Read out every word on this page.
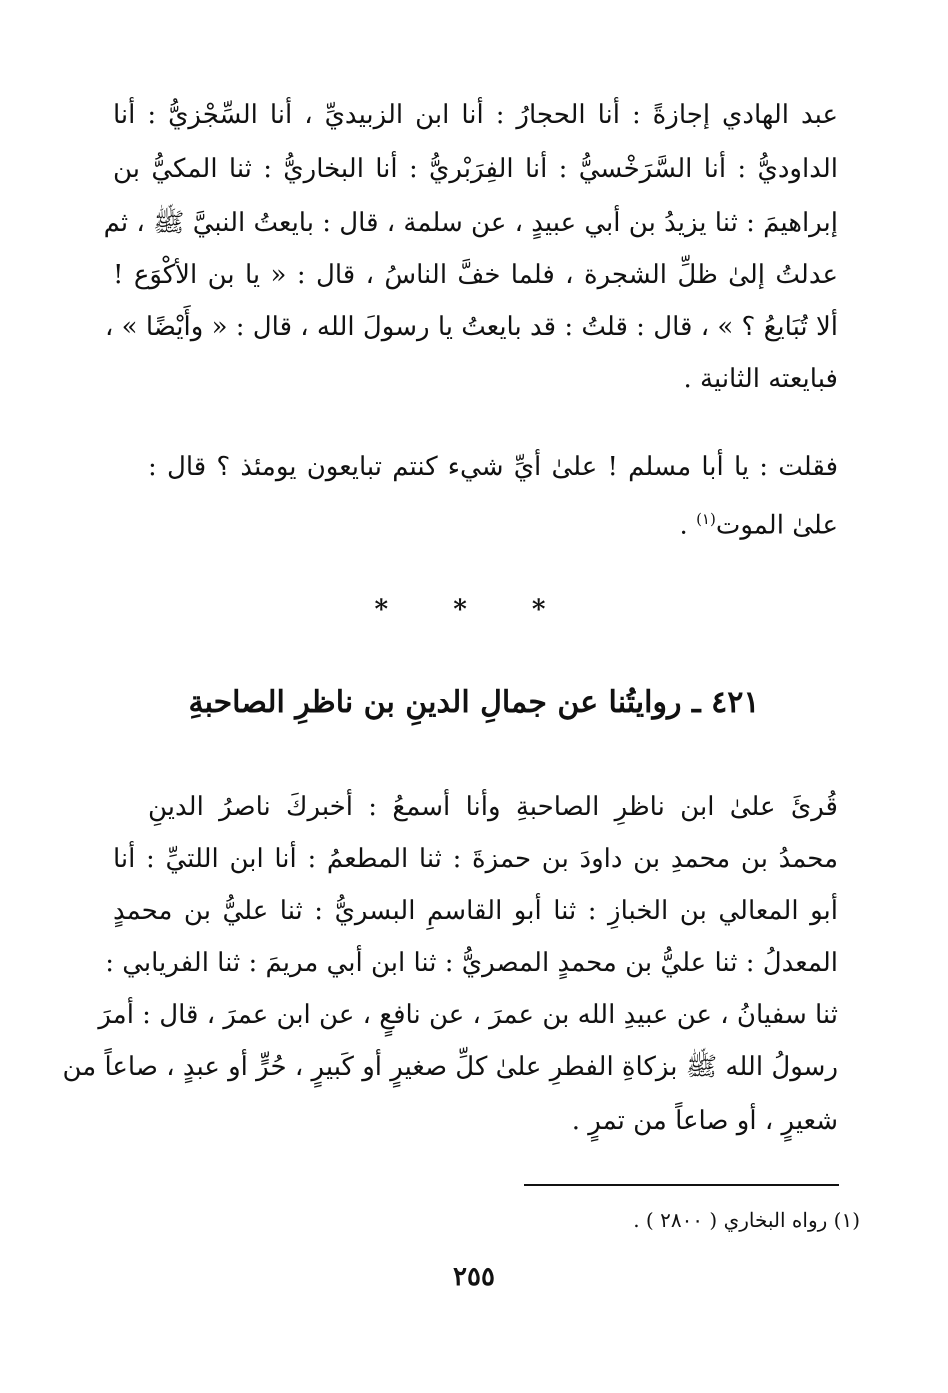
عبد الهادي إجازةً : أنا الحجارُ : أنا ابن الزبيديِّ ، أنا السِّجْزيُّ : أنا
الداوديُّ : أنا السَّرَخْسيُّ : أنا الفِرَبْريُّ : أنا البخاريُّ : ثنا المكيُّ بن
إبراهيمَ : ثنا يزيدُ بن أبي عبيدٍ ، عن سلمة ، قال : بايعتُ النبيَّ ﷺ ، ثم
عدلتُ إلىٰ ظلِّ الشجرة ، فلما خفَّ الناسُ ، قال : « يا بن الأكْوَع !
ألا تُبَايعُ ؟ » ، قال : قلتُ : قد بايعتُ يا رسولَ الله ، قال : « وأَيْضًا » ،
فبايعته الثانية .
فقلت : يا أبا مسلم ! علىٰ أيِّ شيء كنتم تبايعون يومئذ ؟ قال :
علىٰ الموت$^{(١)}$ .
* * *
٤٢١ ـ روايتُنا عن جمالِ الدينِ بن ناظرِ الصاحبةِ
قُرئَ علىٰ ابن ناظرِ الصاحبةِ وأنا أسمعُ : أخبركَ ناصرُ الدينِ
محمدُ بن محمدِ بن داودَ بن حمزةَ : ثنا المطعمُ : أنا ابن اللتيِّ : أنا
أبو المعالي بن الخبازِ : ثنا أبو القاسمِ البسريُّ : ثنا عليُّ بن محمدٍ
المعدلُ : ثنا عليُّ بن محمدٍ المصريُّ : ثنا ابن أبي مريمَ : ثنا الفريابي :
ثنا سفيانُ ، عن عبيدِ الله بن عمرَ ، عن نافعٍ ، عن ابن عمرَ ، قال : أمرَ
رسولُ الله ﷺ بزكاةِ الفطرِ علىٰ كلِّ صغيرٍ أو كَبيرٍ ، حُرٍّ أو عبدٍ ، صاعاً من
شعيرٍ ، أو صاعاً من تمرٍ .
(١) رواه البخاري ( ٢٨٠٠ ) .
٢٥٥
